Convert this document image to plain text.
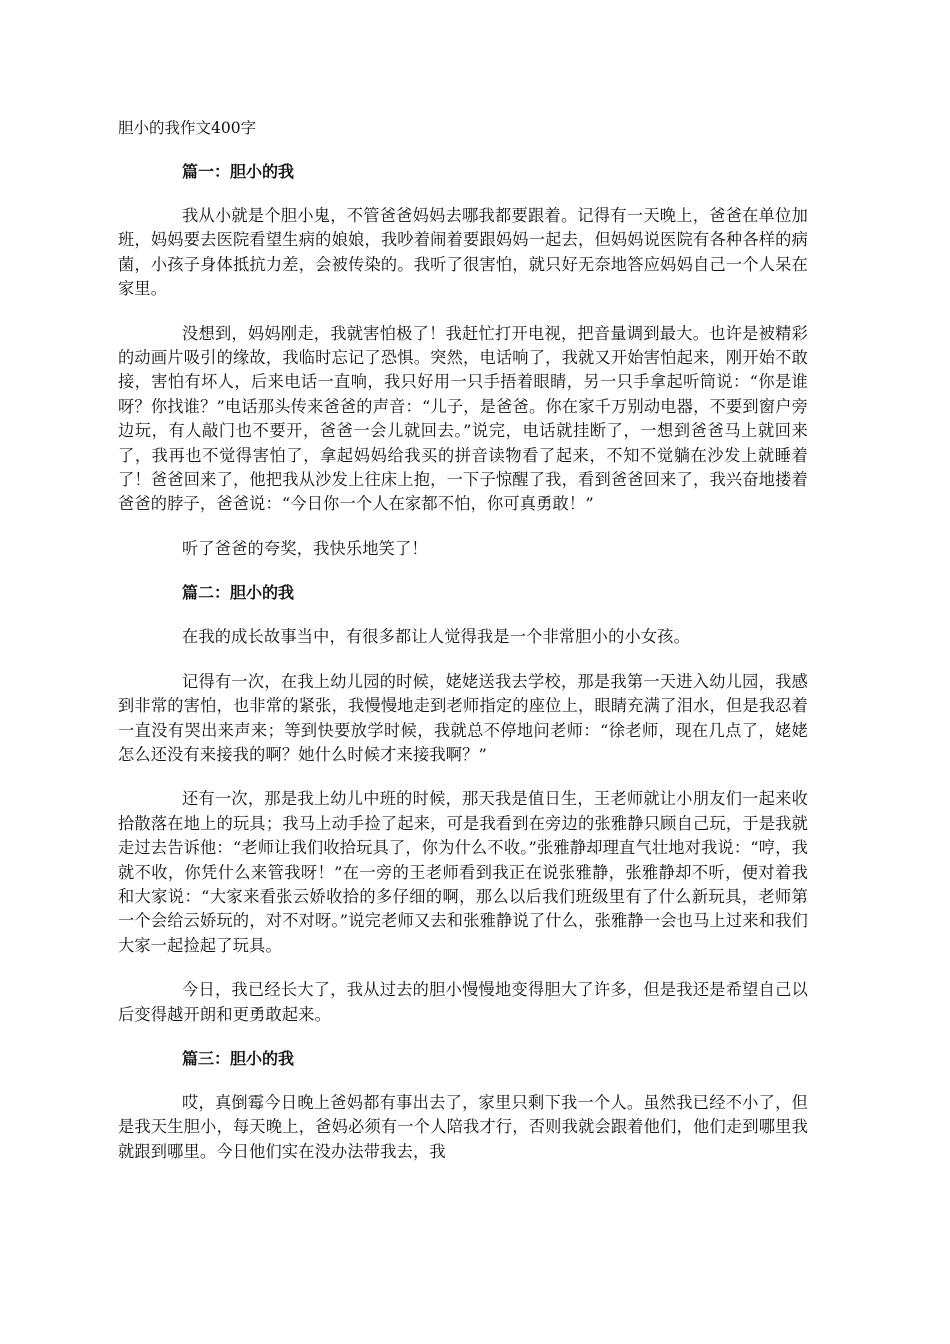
胆小的我作文400字
篇一：胆小的我

我从小就是个胆小鬼，不管爸爸妈妈去哪我都要跟着。记得有一天晚上，爸爸在单位加班，妈妈要去医院看望生病的娘娘，我吵着闹着要跟妈妈一起去，但妈妈说医院有各种各样的病菌，小孩子身体抵抗力差，会被传染的。我听了很害怕，就只好无奈地答应妈妈自己一个人呆在家里。

没想到，妈妈刚走，我就害怕极了！我赶忙打开电视，把音量调到最大。也许是被精彩的动画片吸引的缘故，我临时忘记了恐惧。突然，电话响了，我就又开始害怕起来，刚开始不敢接，害怕有坏人，后来电话一直响，我只好用一只手捂着眼睛，另一只手拿起听筒说：“你是谁呀？你找谁？”电话那头传来爸爸的声音：“儿子，是爸爸。你在家千万别动电器，不要到窗户旁边玩，有人敲门也不要开，爸爸一会儿就回去。”说完，电话就挂断了，一想到爸爸马上就回来了，我再也不觉得害怕了，拿起妈妈给我买的拼音读物看了起来，不知不觉躺在沙发上就睡着了！爸爸回来了，他把我从沙发上往床上抱，一下子惊醒了我，看到爸爸回来了，我兴奋地搂着爸爸的脖子，爸爸说：“今日你一个人在家都不怕，你可真勇敢！”

听了爸爸的夸奖，我快乐地笑了！

篇二：胆小的我

在我的成长故事当中，有很多都让人觉得我是一个非常胆小的小女孩。

记得有一次，在我上幼儿园的时候，姥姥送我去学校，那是我第一天进入幼儿园，我感到非常的害怕，也非常的紧张，我慢慢地走到老师指定的座位上，眼睛充满了泪水，但是我忍着一直没有哭出来声来；等到快要放学时候，我就总不停地问老师：“徐老师，现在几点了，姥姥怎么还没有来接我的啊？她什么时候才来接我啊？”

还有一次，那是我上幼儿中班的时候，那天我是值日生，王老师就让小朋友们一起来收拾散落在地上的玩具；我马上动手捡了起来，可是我看到在旁边的张雅静只顾自己玩，于是我就走过去告诉他：“老师让我们收拾玩具了，你为什么不收。”张雅静却理直气壮地对我说：“哼，我就不收，你凭什么来管我呀！”在一旁的王老师看到我正在说张雅静，张雅静却不听，便对着我和大家说：“大家来看张云娇收拾的多仔细的啊，那么以后我们班级里有了什么新玩具，老师第一个会给云娇玩的，对不对呀。”说完老师又去和张雅静说了什么，张雅静一会也马上过来和我们大家一起捡起了玩具。

今日，我已经长大了，我从过去的胆小慢慢地变得胆大了许多，但是我还是希望自己以后变得越开朗和更勇敢起来。

篇三：胆小的我

哎，真倒霉今日晚上爸妈都有事出去了，家里只剩下我一个人。虽然我已经不小了，但是我天生胆小，每天晚上，爸妈必须有一个人陪我才行，否则我就会跟着他们，他们走到哪里我就跟到哪里。今日他们实在没办法带我去，我
